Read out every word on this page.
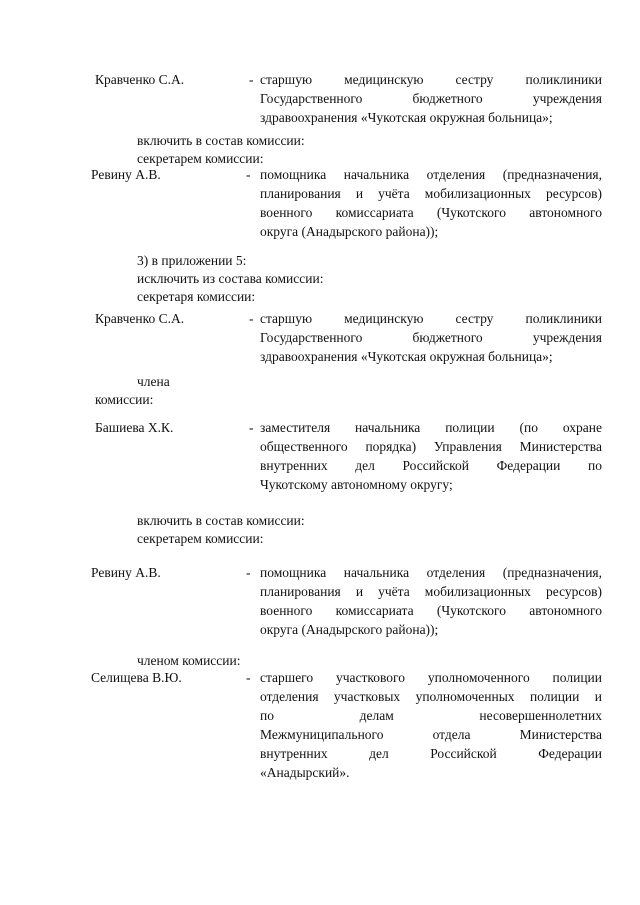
Кравченко С.А.	- старшую медицинскую сестру поликлиники
Государственного бюджетного учреждения
здравоохранения «Чукотская окружная больница»;
включить в состав комиссии:
секретарем комиссии:
Ревину А.В.	- помощника начальника отделения (предназначения,
планирования и учёта мобилизационных ресурсов)
военного комиссариата (Чукотского автономного
округа (Анадырского района));
3) в приложении 5:
исключить из состава комиссии:
секретаря комиссии:
Кравченко С.А.	- старшую медицинскую сестру поликлиники
Государственного бюджетного учреждения
здравоохранения «Чукотская окружная больница»;
члена
комиссии:
Башиева Х.К.	- заместителя начальника полиции (по охране
общественного порядка) Управления Министерства
внутренних дел Российской Федерации по
Чукотскому автономному округу;
включить в состав комиссии:
секретарем комиссии:
Ревину А.В.	- помощника начальника отделения (предназначения,
планирования и учёта мобилизационных ресурсов)
военного комиссариата (Чукотского автономного
округа (Анадырского района));
членом комиссии:
Селищева В.Ю.	- старшего участкового уполномоченного полиции
отделения участковых уполномоченных полиции и
по делам несовершеннолетних
Межмуниципального отдела Министерства
внутренних дел Российской Федерации
«Анадырский».
